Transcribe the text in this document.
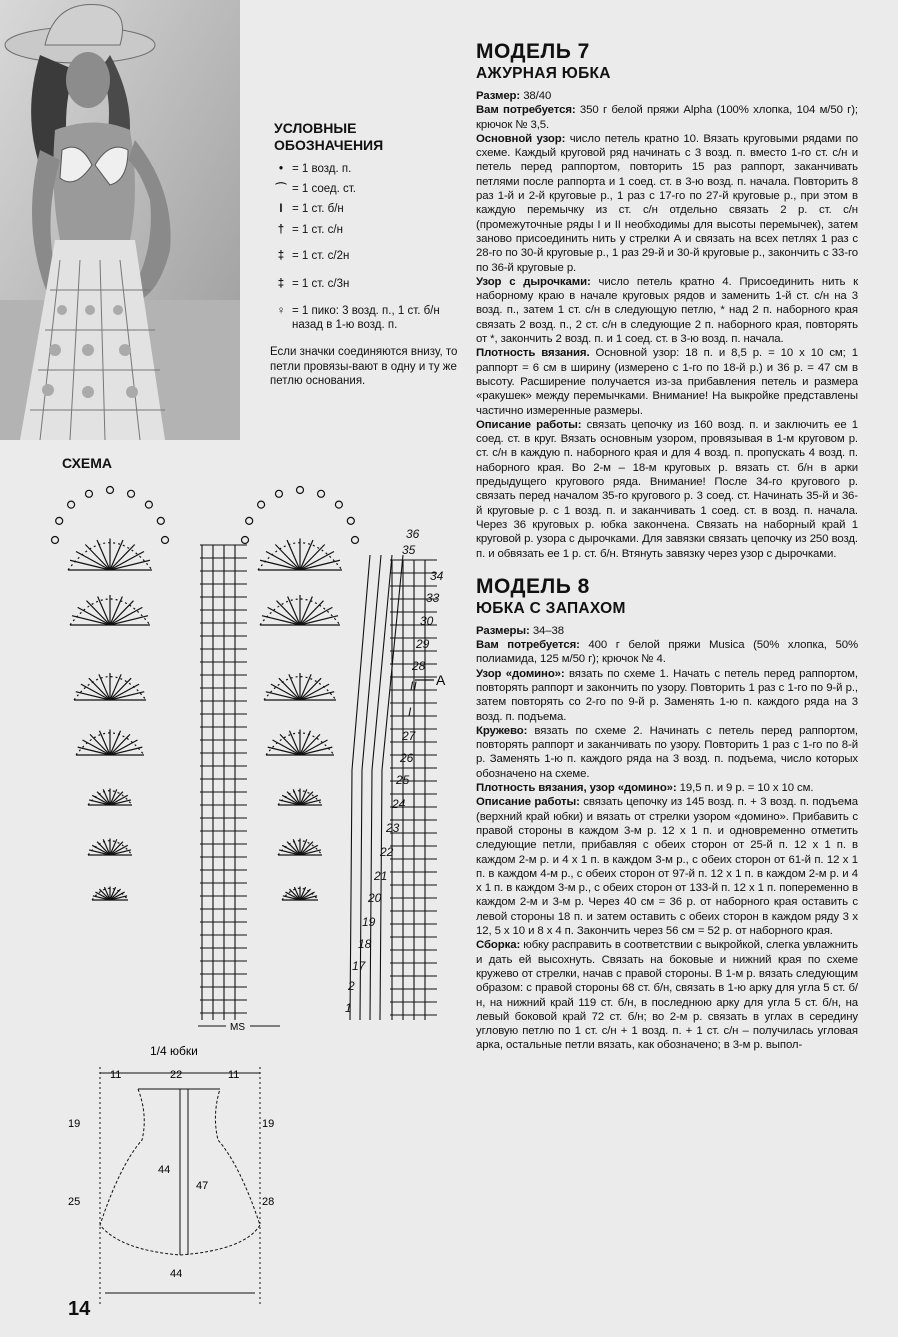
УСЛОВНЫЕ
ОБОЗНАЧЕНИЯ
• = 1 возд. п.
⌒ = 1 соед. ст.
I = 1 ст. б/н
† = 1 ст. с/н
‡ = 1 ст. с/2н
‡ = 1 ст. с/3н
♀ = 1 пико: 3 возд. п., 1 ст. б/н назад в 1-ю возд. п.
Если значки соединяются внизу, то петли провязы-вают в одну и ту же петлю основания.
СХЕМА
36
35
34
33
30
29
28
II
I
27
26
25
24
23
22
21
20
19
18
17
2
1
A
MS
1/4 юбки
11	22	11
19	19
25	28
44
47
44
14
МОДЕЛЬ 7
АЖУРНАЯ ЮБКА

Размер: 38/40

Вам потребуется: 350 г белой пряжи Alpha (100% хлопка, 104 м/50 г); крючок № 3,5.

Основной узор: число петель кратно 10. Вязать круговыми рядами по схеме. Каждый круговой ряд начинать с 3 возд. п. вместо 1-го ст. с/н и петель перед раппортом, повторить 15 раз раппорт, заканчивать петлями после раппорта и 1 соед. ст. в 3-ю возд. п. начала. Повторить 8 раз 1-й и 2-й круговые р., 1 раз с 17-го по 27-й круговые р., при этом в каждую перемычку из ст. с/н отдельно связать 2 р. ст. с/н (промежуточные ряды I и II необходимы для высоты перемычек), затем заново присоединить нить у стрелки А и связать на всех петлях 1 раз с 28-го по 30-й круговые р., 1 раз 29-й и 30-й круговые р., закончить с 33-го по 36-й круговые р.

Узор с дырочками: число петель кратно 4. Присоединить нить к наборному краю в начале круговых рядов и заменить 1-й ст. с/н на 3 возд. п., затем 1 ст. с/н в следующую петлю, * над 2 п. наборного края связать 2 возд. п., 2 ст. с/н в следующие 2 п. наборного края, повторять от *, закончить 2 возд. п. и 1 соед. ст. в 3-ю возд. п. начала.

Плотность вязания. Основной узор: 18 п. и 8,5 р. = 10 х 10 см; 1 раппорт = 6 см в ширину (измерено с 1-го по 18-й р.) и 36 р. = 47 см в высоту. Расширение получается из-за прибавления петель и размера «ракушек» между перемычками. Внимание! На выкройке представлены частично измеренные размеры.

Описание работы: связать цепочку из 160 возд. п. и заключить ее 1 соед. ст. в круг. Вязать основным узором, провязывая в 1-м круговом р. ст. с/н в каждую п. наборного края и для 4 возд. п. пропускать 4 возд. п. наборного края. Во 2-м – 18-м круговых р. вязать ст. б/н в арки предыдущего кругового ряда. Внимание! После 34-го кругового р. связать перед началом 35-го кругового р. 3 соед. ст. Начинать 35-й и 36-й круговые р. с 1 возд. п. и заканчивать 1 соед. ст. в возд. п. начала. Через 36 круговых р. юбка закончена. Связать на наборный край 1 круговой р. узора с дырочками. Для завязки связать цепочку из 250 возд. п. и обвязать ее 1 р. ст. б/н. Втянуть завязку через узор с дырочками.

МОДЕЛЬ 8
ЮБКА С ЗАПАХОМ

Размеры: 34–38

Вам потребуется: 400 г белой пряжи Musica (50% хлопка, 50% полиамида, 125 м/50 г); крючок № 4.

Узор «домино»: вязать по схеме 1. Начать с петель перед раппортом, повторять раппорт и закончить по узору. Повторить 1 раз с 1-го по 9-й р., затем повторять со 2-го по 9-й р. Заменять 1-ю п. каждого ряда на 3 возд. п. подъема.

Кружево: вязать по схеме 2. Начинать с петель перед раппортом, повторять раппорт и заканчивать по узору. Повторить 1 раз с 1-го по 8-й р. Заменять 1-ю п. каждого ряда на 3 возд. п. подъема, число которых обозначено на схеме.

Плотность вязания, узор «домино»: 19,5 п. и 9 р. = 10 х 10 см.

Описание работы: связать цепочку из 145 возд. п. + 3 возд. п. подъема (верхний край юбки) и вязать от стрелки узором «домино». Прибавить с правой стороны в каждом 3-м р. 12 х 1 п. и одновременно отметить следующие петли, прибавляя с обеих сторон от 25-й п. 12 х 1 п. в каждом 2-м р. и 4 х 1 п. в каждом 3-м р., с обеих сторон от 61-й п. 12 х 1 п. в каждом 4-м р., с обеих сторон от 97-й п. 12 х 1 п. в каждом 2-м р. и 4 х 1 п. в каждом 3-м р., с обеих сторон от 133-й п. 12 х 1 п. попеременно в каждом 2-м и 3-м р. Через 40 см = 36 р. от наборного края оставить с левой стороны 18 п. и затем оставить с обеих сторон в каждом ряду 3 х 12, 5 х 10 и 8 х 4 п. Закончить через 56 см = 52 р. от наборного края.

Сборка: юбку расправить в соответствии с выкройкой, слегка увлажнить и дать ей высохнуть. Связать на боковые и нижний края по схеме кружево от стрелки, начав с правой стороны. В 1-м р. вязать следующим образом: с правой стороны 68 ст. б/н, связать в 1-ю арку для угла 5 ст. б/н, на нижний край 119 ст. б/н, в последнюю арку для угла 5 ст. б/н, на левый боковой край 72 ст. б/н; во 2-м р. связать в углах в середину угловую петлю по 1 ст. с/н + 1 возд. п. + 1 ст. с/н – получилась угловая арка, остальные петли вязать, как обозначено; в 3-м р. выпол-
